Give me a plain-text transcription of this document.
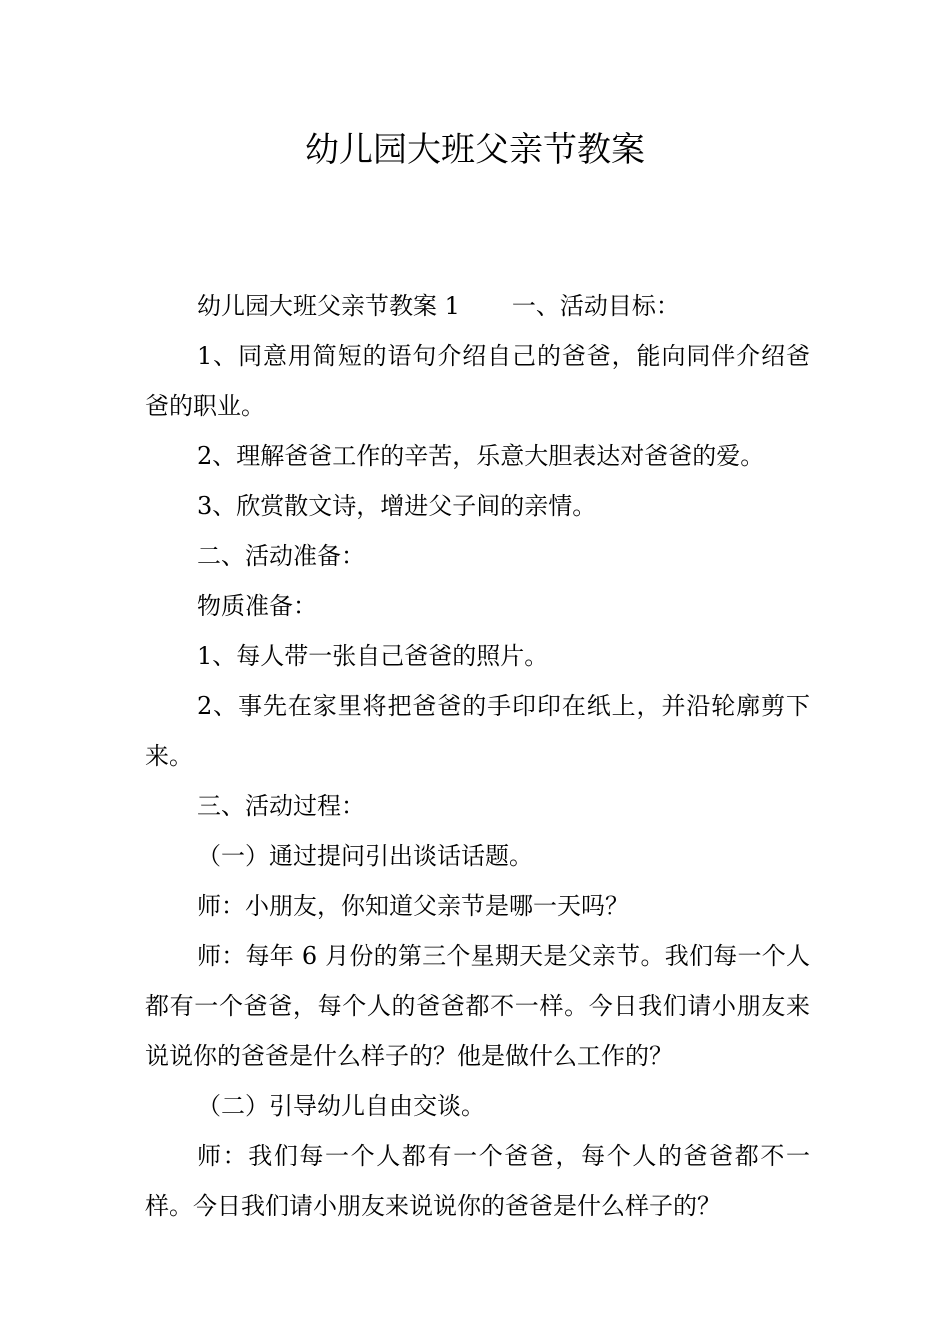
幼儿园大班父亲节教案

幼儿园大班父亲节教案 1 一、活动目标：

1、同意用简短的语句介绍自己的爸爸，能向同伴介绍爸爸的职业。

2、理解爸爸工作的辛苦，乐意大胆表达对爸爸的爱。

3、欣赏散文诗，增进父子间的亲情。

二、活动准备：

物质准备：

1、每人带一张自己爸爸的照片。

2、事先在家里将把爸爸的手印印在纸上，并沿轮廓剪下来。

三、活动过程：

（一）通过提问引出谈话话题。

师：小朋友，你知道父亲节是哪一天吗？

师：每年 6 月份的第三个星期天是父亲节。我们每一个人都有一个爸爸，每个人的爸爸都不一样。今日我们请小朋友来说说你的爸爸是什么样子的？他是做什么工作的？

（二）引导幼儿自由交谈。

师：我们每一个人都有一个爸爸，每个人的爸爸都不一样。今日我们请小朋友来说说你的爸爸是什么样子的？
